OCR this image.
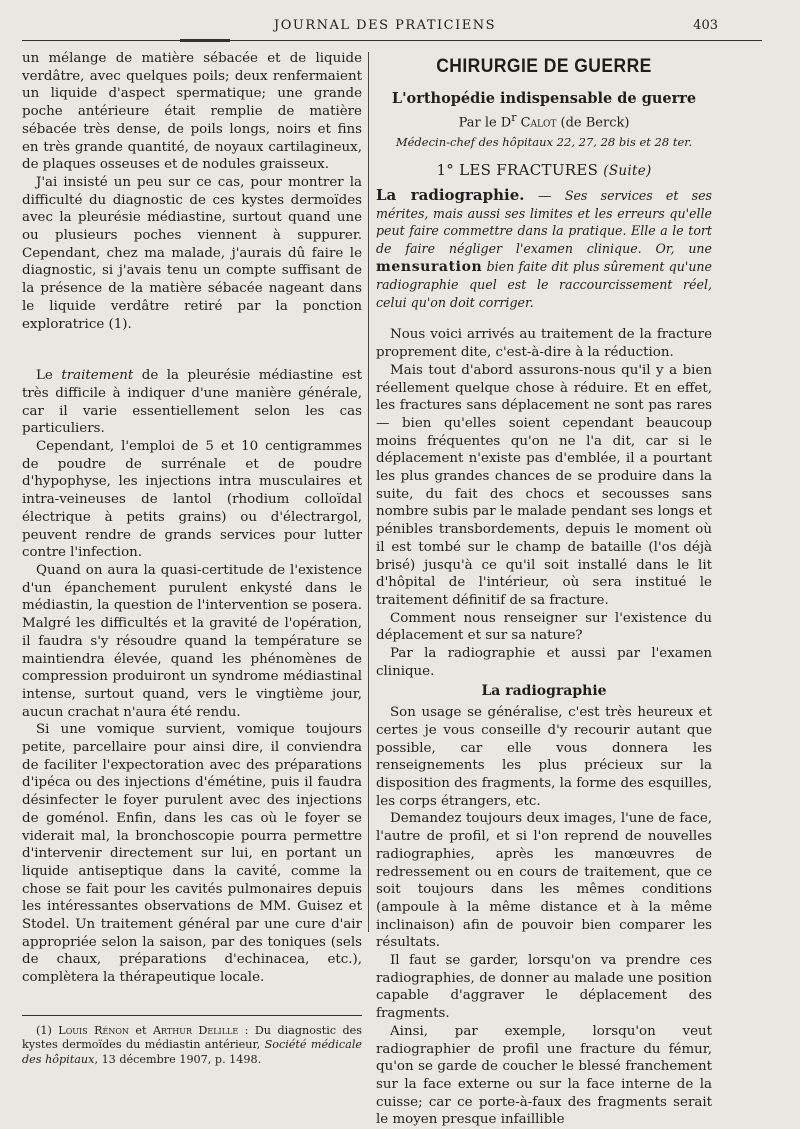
JOURNAL DES PRATICIENS	403

un mélange de matière sébacée et de liquide verdâtre, avec quelques poils; deux renfermaient un liquide d'aspect spermatique; une grande poche antérieure était remplie de matière sébacée très dense, de poils longs, noirs et fins en très grande quantité, de noyaux cartilagineux, de plaques osseuses et de nodules graisseux.

J'ai insisté un peu sur ce cas, pour montrer la difficulté du diagnostic de ces kystes dermoïdes avec la pleurésie médiastine, surtout quand une ou plusieurs poches viennent à suppurer. Cependant, chez ma malade, j'aurais dû faire le diagnostic, si j'avais tenu un compte suffisant de la présence de la matière sébacée nageant dans le liquide verdâtre retiré par la ponction exploratrice (1).

Le traitement de la pleurésie médiastine est très difficile à indiquer d'une manière générale, car il varie essentiellement selon les cas particuliers.

Cependant, l'emploi de 5 et 10 centigrammes de poudre de surrénale et de poudre d'hypophyse, les injections intra musculaires et intra-veineuses de lantol (rhodium colloïdal électrique à petits grains) ou d'électrargol, peuvent rendre de grands services pour lutter contre l'infection.

Quand on aura la quasi-certitude de l'existence d'un épanchement purulent enkysté dans le médiastin, la question de l'intervention se posera. Malgré les difficultés et la gravité de l'opération, il faudra s'y résoudre quand la température se maintiendra élevée, quand les phénomènes de compression produiront un syndrome médiastinal intense, surtout quand, vers le vingtième jour, aucun crachat n'aura été rendu.

Si une vomique survient, vomique toujours petite, parcellaire pour ainsi dire, il conviendra de faciliter l'expectoration avec des préparations d'ipéca ou des injections d'émétine, puis il faudra désinfecter le foyer purulent avec des injections de goménol. Enfin, dans les cas où le foyer se viderait mal, la bronchoscopie pourra permettre d'intervenir directement sur lui, en portant un liquide antiseptique dans la cavité, comme la chose se fait pour les cavités pulmonaires depuis les intéressantes observations de MM. Guisez et Stodel. Un traitement général par une cure d'air appropriée selon la saison, par des toniques (sels de chaux, préparations d'echinacea, etc.), complètera la thérapeutique locale.

(1) Louis Rénon et Arthur Delille : Du diagnostic des kystes dermoïdes du médiastin antérieur, Société médicale des hôpitaux, 13 décembre 1907, p. 1498.

CHIRURGIE DE GUERRE
L'orthopédie indispensable de guerre
Par le $D^r$ Calot (de Berck)
Médecin-chef des hôpitaux 22, 27, 28 bis et 28 ter.
1° LES FRACTURES (Suite)

La radiographie. — Ses services et ses mérites, mais aussi ses limites et les erreurs qu'elle peut faire commettre dans la pratique. Elle a le tort de faire négliger l'examen clinique. Or, une mensuration bien faite dit plus sûrement qu'une radiographie quel est le raccourcissement réel, celui qu'on doit corriger.

Nous voici arrivés au traitement de la fracture proprement dite, c'est-à-dire à la réduction.

Mais tout d'abord assurons-nous qu'il y a bien réellement quelque chose à réduire. Et en effet, les fractures sans déplacement ne sont pas rares — bien qu'elles soient cependant beaucoup moins fréquentes qu'on ne l'a dit, car si le déplacement n'existe pas d'emblée, il a pourtant les plus grandes chances de se produire dans la suite, du fait des chocs et secousses sans nombre subis par le malade pendant ses longs et pénibles transbordements, depuis le moment où il est tombé sur le champ de bataille (l'os déjà brisé) jusqu'à ce qu'il soit installé dans le lit d'hôpital de l'intérieur, où sera institué le traitement définitif de sa fracture.

Comment nous renseigner sur l'existence du déplacement et sur sa nature?

Par la radiographie et aussi par l'examen clinique.

La radiographie

Son usage se généralise, c'est très heureux et certes je vous conseille d'y recourir autant que possible, car elle vous donnera les renseignements les plus précieux sur la disposition des fragments, la forme des esquilles, les corps étrangers, etc.

Demandez toujours deux images, l'une de face, l'autre de profil, et si l'on reprend de nouvelles radiographies, après les manœuvres de redressement ou en cours de traitement, que ce soit toujours dans les mêmes conditions (ampoule à la même distance et à la même inclinaison) afin de pouvoir bien comparer les résultats.

Il faut se garder, lorsqu'on va prendre ces radiographies, de donner au malade une position capable d'aggraver le déplacement des fragments.

Ainsi, par exemple, lorsqu'on veut radiographier de profil une fracture du fémur, qu'on se garde de coucher le blessé franchement sur la face externe ou sur la face interne de la cuisse; car ce porte-à-faux des fragments serait le moyen presque infaillible
